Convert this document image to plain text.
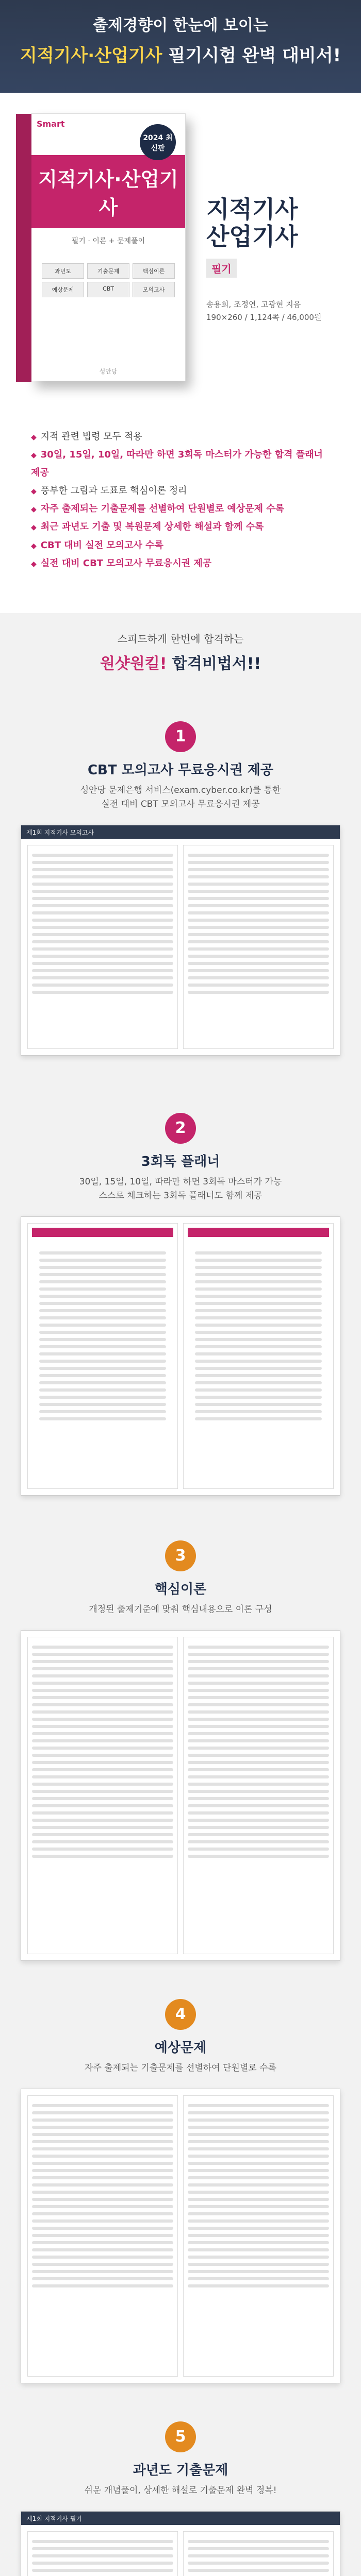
출제경향이 한눈에 보이는
지적기사·산업기사 필기시험 완벽 대비서!
Smart
2024 최신판
지적기사·산업기사
필기 · 이론 + 문제풀이
과년도	기출문제	핵심이론
예상문제	CBT	모의고사
성안당
지적기사
산업기사
필기
송용희, 조정연, 고광현 지음
190×260 / 1,124쪽 / 46,000원
◆ 지적 관련 법령 모두 적용
◆ 30일, 15일, 10일, 따라만 하면 3회독 마스터가 가능한 합격 플래너 제공
◆ 풍부한 그림과 도표로 핵심이론 정리
◆ 자주 출제되는 기출문제를 선별하여 단원별로 예상문제 수록
◆ 최근 과년도 기출 및 복원문제 상세한 해설과 함께 수록
◆ CBT 대비 실전 모의고사 수록
◆ 실전 대비 CBT 모의고사 무료응시권 제공
스피드하게 한번에 합격하는
원샷원킬! 합격비법서!!
1
CBT 모의고사 무료응시권 제공
성안당 문제은행 서비스(exam.cyber.co.kr)를 통한
실전 대비 CBT 모의고사 무료응시권 제공
제1회 지적기사 모의고사
2
3회독 플래너
30일, 15일, 10일, 따라만 하면 3회독 마스터가 가능
스스로 체크하는 3회독 플래너도 함께 제공
3
핵심이론
개정된 출제기준에 맞춰 핵심내용으로 이론 구성
4
예상문제
자주 출제되는 기출문제를 선별하여 단원별로 수록
5
과년도 기출문제
쉬운 개념풀이, 상세한 해설로 기출문제 완벽 정복!
제1회 지적기사 필기
